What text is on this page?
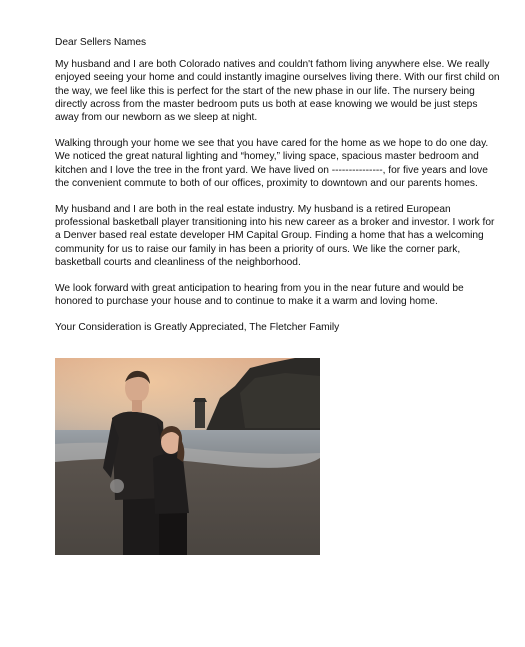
Dear Sellers Names

My husband and I are both Colorado natives and couldn't fathom living anywhere else. We really enjoyed seeing your home and could instantly imagine ourselves living there. With our first child on the way, we feel like this is perfect for the start of the new phase in our life. The nursery being directly across from the master bedroom puts us both at ease knowing we would be just steps away from our newborn as we sleep at night.

Walking through your home we see that you have cared for the home as we hope to do one day. We noticed the great natural lighting and “homey,” living space, spacious master bedroom and kitchen and I love the tree in the front yard. We have lived on ---------------, for five years and love the convenient commute to both of our offices, proximity to downtown and our parents homes.

My husband and I are both in the real estate industry. My husband is a retired European professional basketball player transitioning into his new career as a broker and investor. I work for a Denver based real estate developer HM Capital Group. Finding a home that has a welcoming community for us to raise our family in has been a priority of ours. We like the corner park, basketball courts and cleanliness of the neighborhood.

We look forward with great anticipation to hearing from you in the near future and would be honored to purchase your house and to continue to make it a warm and loving home.

Your Consideration is Greatly Appreciated, The Fletcher Family
